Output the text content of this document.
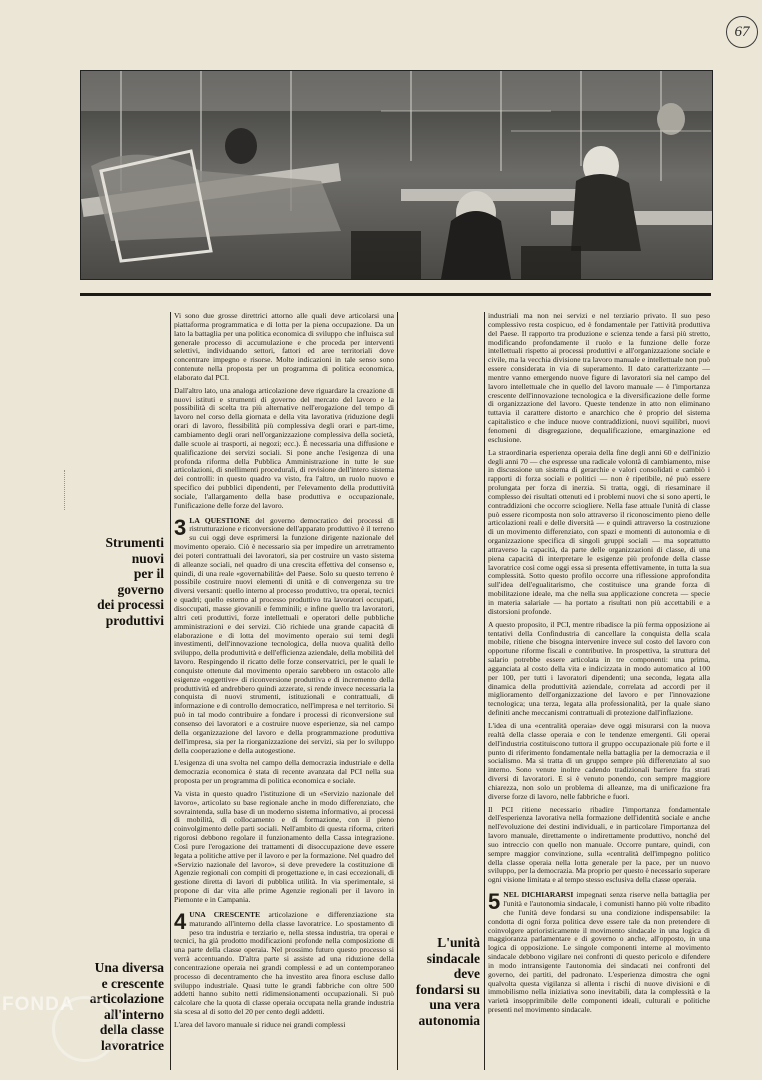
67
Strumenti
nuovi
per il
governo
dei processi
produttivi
Una diversa
e crescente
articolazione
all'interno
della classe
lavoratrice
L'unità
sindacale
deve
fondarsi su
una vera
autonomia

Vi sono due grosse direttrici attorno alle quali deve articolarsi una piattaforma programmatica e di lotta per la piena occupazione. Da un lato la battaglia per una politica economica di sviluppo che influisca sul generale processo di accumulazione e che proceda per interventi selettivi, individuando settori, fattori ed aree territoriali dove concentrare impegno e risorse. Molte indicazioni in tale senso sono contenute nella proposta per un programma di politica economica, elaborato dal PCI.

Dall'altro lato, una analoga articolazione deve riguardare la creazione di nuovi istituti e strumenti di governo del mercato del lavoro e la possibilità di scelta tra più alternative nell'erogazione del tempo di lavoro nel corso della giornata e della vita lavorativa (riduzione degli orari di lavoro, flessibilità più complessiva degli orari e part-time, cambiamento degli orari nell'organizzazione complessiva della società, dalle scuole ai trasporti, ai negozi; ecc.). È necessaria una diffusione e qualificazione dei servizi sociali. Si pone anche l'esigenza di una profonda riforma della Pubblica Amministrazione in tutte le sue articolazioni, di snellimenti procedurali, di revisione dell'intero sistema dei controlli: in questo quadro va visto, fra l'altro, un ruolo nuovo e specifico dei pubblici dipendenti, per l'elevamento della produttività sociale, l'allargamento della base produttiva e occupazionale, l'unificazione delle forze del lavoro.

3 LA QUESTIONE del governo democratico dei processi di ristrutturazione e riconversione dell'apparato produttivo è il terreno su cui oggi deve esprimersi la funzione dirigente nazionale del movimento operaio. Ciò è necessario sia per impedire un arretramento dei poteri contrattuali dei lavoratori, sia per costruire un vasto sistema di alleanze sociali, nel quadro di una crescita effettiva del consenso e, quindi, di una reale «governabilità» del Paese. Solo su questo terreno è possibile costruire nuovi elementi di unità e di convergenza su tre diversi versanti: quello interno al processo produttivo, tra operai, tecnici e quadri; quello esterno al processo produttivo tra lavoratori occupati, disoccupati, masse giovanili e femminili; e infine quello tra lavoratori, altri ceti produttivi, forze intellettuali e operatori delle pubbliche amministrazioni e dei servizi. Ciò richiede una grande capacità di elaborazione e di lotta del movimento operaio sui temi degli investimenti, dell'innovazione tecnologica, della nuova qualità dello sviluppo, della produttività e dell'efficienza aziendale, della mobilità del lavoro. Respingendo il ricatto delle forze conservatrici, per le quali le conquiste ottenute dal movimento operaio sarebbero un ostacolo alle esigenze «oggettive» di riconversione produttiva e di incremento della produttività ed andrebbero quindi azzerate, si rende invece necessaria la conquista di nuovi strumenti, istituzionali e contrattuali, di informazione e di controllo democratico, nell'impresa e nel territorio. Si può in tal modo contribuire a fondare i processi di riconversione sul consenso dei lavoratori e a costruire nuove esperienze, sia nel campo della organizzazione del lavoro e della programmazione produttiva dell'impresa, sia per la riorganizzazione dei servizi, sia per lo sviluppo della cooperazione e della autogestione.

L'esigenza di una svolta nel campo della democrazia industriale e della democrazia economica è stata di recente avanzata dal PCI nella sua proposta per un programma di politica economica e sociale.

Va vista in questo quadro l'istituzione di un «Servizio nazionale del lavoro», articolato su base regionale anche in modo differenziato, che sovraintenda, sulla base di un moderno sistema informativo, ai processi di mobilità, di collocamento e di formazione, con il pieno coinvolgimento delle parti sociali. Nell'ambito di questa riforma, criteri rigorosi debbono regolare il funzionamento della Cassa integrazione. Così pure l'erogazione dei trattamenti di disoccupazione deve essere legata a politiche attive per il lavoro e per la formazione. Nel quadro del «Servizio nazionale del lavoro», si deve prevedere la costituzione di Agenzie regionali con compiti di progettazione e, in casi eccezionali, di gestione diretta di lavori di pubblica utilità. In via sperimentale, si propone di dar vita alle prime Agenzie regionali per il lavoro in Piemonte e in Campania.

4 UNA CRESCENTE articolazione e differenziazione sta maturando all'interno della classe lavoratrice. Lo spostamento di peso tra industria e terziario e, nella stessa industria, tra operai e tecnici, ha già prodotto modificazioni profonde nella composizione di una parte della classe operaia. Nel prossimo futuro questo processo si verrà accentuando. D'altra parte si assiste ad una riduzione della concentrazione operaia nei grandi complessi e ad un contemporaneo processo di decentramento che ha investito area finora escluse dallo sviluppo industriale. Quasi tutte le grandi fabbriche con oltre 500 addetti hanno subito netti ridimensionamenti occupazionali. Si può calcolare che la quota di classe operaia occupata nella grande industria sia scesa al di sotto del 20 per cento degli addetti.

L'area del lavoro manuale si riduce nei grandi complessi

industriali ma non nei servizi e nel terziario privato. Il suo peso complessivo resta cospicuo, ed è fondamentale per l'attività produttiva del Paese. Il rapporto tra produzione e scienza tende a farsi più stretto, modificando profondamente il ruolo e la funzione delle forze intellettuali rispetto ai processi produttivi e all'organizzazione sociale e civile, ma la vecchia divisione tra lavoro manuale e intellettuale non può essere considerata in via di superamento. Il dato caratterizzante — mentre vanno emergendo nuove figure di lavoratori sia nel campo del lavoro intellettuale che in quello del lavoro manuale — è l'importanza crescente dell'innovazione tecnologica e la diversificazione delle forme di organizzazione del lavoro. Queste tendenze in atto non eliminano tuttavia il carattere distorto e anarchico che è proprio del sistema capitalistico e che induce nuove contraddizioni, nuovi squilibri, nuovi fenomeni di disgregazione, dequalificazione, emarginazione ed esclusione.

La straordinaria esperienza operaia della fine degli anni 60 e dell'inizio degli anni 70 — che espresse una radicale volontà di cambiamento, mise in discussione un sistema di gerarchie e valori consolidati e cambiò i rapporti di forza sociali e politici — non è ripetibile, né può essere prolungata per forza di inerzia. Si tratta, oggi, di riesaminare il complesso dei risultati ottenuti ed i problemi nuovi che si sono aperti, le contraddizioni che occorre sciogliere. Nella fase attuale l'unità di classe può essere ricomposta non solo attraverso il riconoscimento pieno delle articolazioni reali e delle diversità — e quindi attraverso la costruzione di un movimento differenziato, con spazi e momenti di autonomia e di organizzazione specifica di singoli gruppi sociali — ma soprattutto attraverso la capacità, da parte delle organizzazioni di classe, di una piena capacità di interpretare le esigenze più profonde della classe lavoratrice così come oggi essa si presenta effettivamente, in tutta la sua complessità. Sotto questo profilo occorre una riflessione approfondita sull'idea dell'egualitarismo, che costituisce una grande forza di mobilitazione ideale, ma che nella sua applicazione concreta — specie in materia salariale — ha portato a risultati non più accettabili e a distorsioni profonde.

A questo proposito, il PCI, mentre ribadisce la più ferma opposizione ai tentativi della Confindustria di cancellare la conquista della scala mobile, ritiene che bisogna intervenire invece sul costo del lavoro con opportune riforme fiscali e contributive. In prospettiva, la struttura del salario potrebbe essere articolata in tre componenti: una prima, agganciata al costo della vita e indicizzata in modo automatico al 100 per 100, per tutti i lavoratori dipendenti; una seconda, legata alla dinamica della produttività aziendale, correlata ad accordi per il miglioramento dell'organizzazione del lavoro e per l'innovazione tecnologica; una terza, legata alla professionalità, per la quale siano definiti anche meccanismi contrattuali di protezione dall'inflazione.

L'idea di una «centralità operaia» deve oggi misurarsi con la nuova realtà della classe operaia e con le tendenze emergenti. Gli operai dell'industria costituiscono tuttora il gruppo occupazionale più forte e il punto di riferimento fondamentale nella battaglia per la democrazia e il socialismo. Ma si tratta di un gruppo sempre più differenziato al suo interno. Sono venute inoltre cadendo tradizionali barriere fra strati diversi di lavoratori. E si è venuto ponendo, con sempre maggiore chiarezza, non solo un problema di alleanze, ma di unificazione fra diverse forze di lavoro, nelle fabbriche e fuori.

Il PCI ritiene necessario ribadire l'importanza fondamentale dell'esperienza lavorativa nella formazione dell'identità sociale e anche nell'evoluzione dei destini individuali, e in particolare l'importanza del lavoro manuale, direttamente o indirettamente produttivo, nonché del suo intreccio con quello non manuale. Occorre puntare, quindi, con sempre maggior convinzione, sulla «centralità dell'impegno politico della classe operaia nella lotta generale per la pace, per un nuovo sviluppo, per la democrazia. Ma proprio per questo è necessario superare ogni visione limitata e al tempo stesso esclusiva della classe operaia.

5 NEL DICHIARARSI impegnati senza riserve nella battaglia per l'unità e l'autonomia sindacale, i comunisti hanno più volte ribadito che l'unità deve fondarsi su una condizione indispensabile: la condotta di ogni forza politica deve essere tale da non pretendere di coinvolgere aprioristicamente il movimento sindacale in una logica di maggioranza parlamentare e di governo o anche, all'opposto, in una logica di opposizione. Le singole componenti interne al movimento sindacale debbono vigilare nei confronti di questo pericolo e difendere in modo intransigente l'autonomia dei sindacati nei confronti del governo, dei partiti, del padronato. L'esperienza dimostra che ogni qualvolta questa vigilanza si allenta i rischi di nuove divisioni e di immobilismo nella iniziativa sono inevitabili, data la complessità e la varietà insopprimibile delle componenti ideali, culturali e politiche presenti nel movimento sindacale.

FONDA
